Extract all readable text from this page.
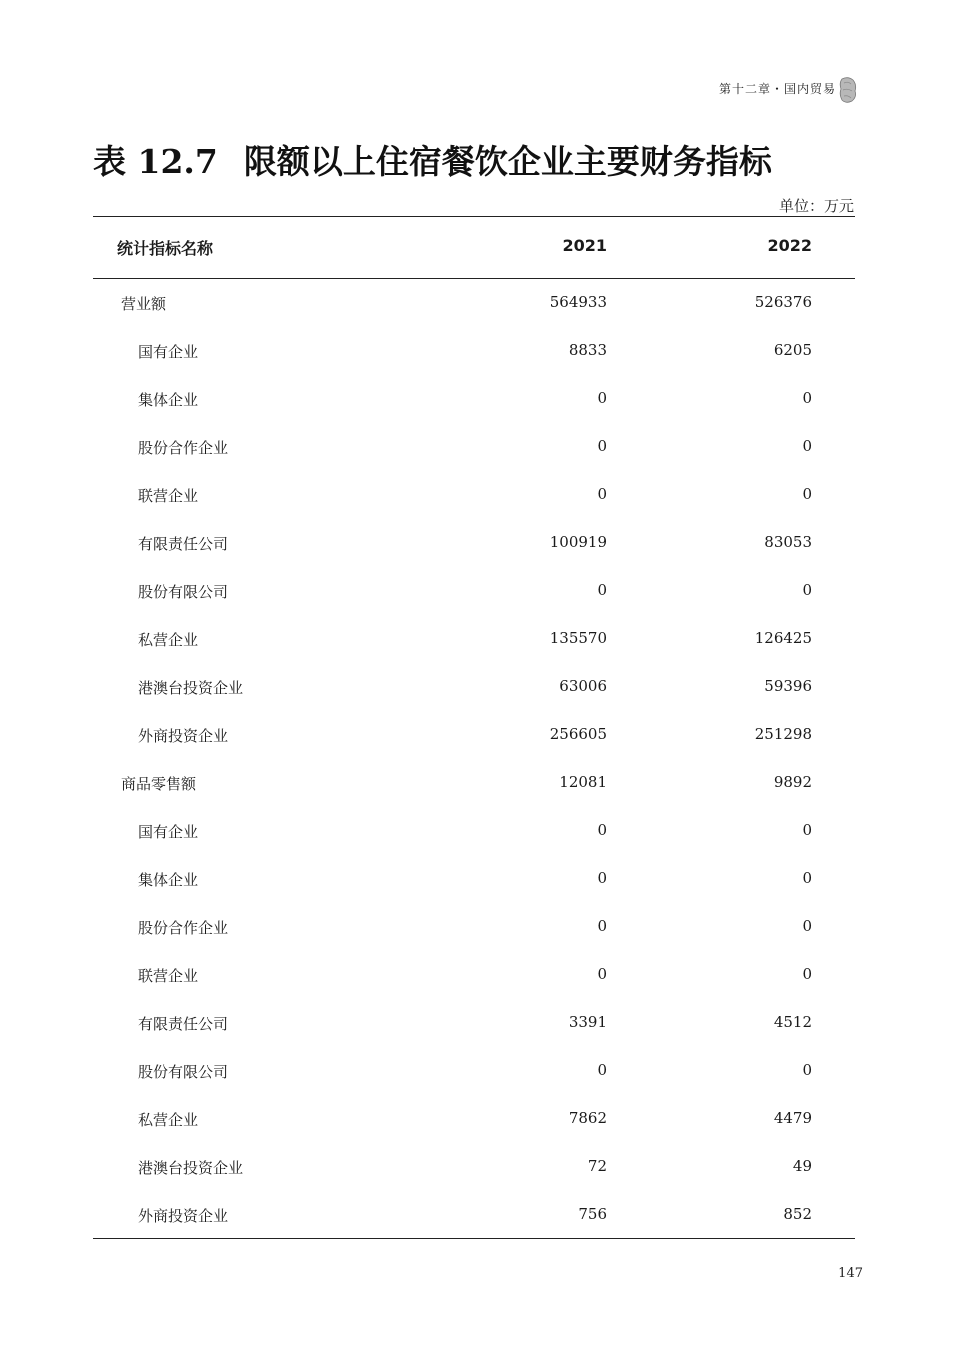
第十二章・国内贸易
表 12.7 限额以上住宿餐饮企业主要财务指标
单位：万元
统计指标名称	2021	2022
营业额	564933	526376
国有企业	8833	6205
集体企业	0	0
股份合作企业	0	0
联营企业	0	0
有限责任公司	100919	83053
股份有限公司	0	0
私营企业	135570	126425
港澳台投资企业	63006	59396
外商投资企业	256605	251298
商品零售额	12081	9892
国有企业	0	0
集体企业	0	0
股份合作企业	0	0
联营企业	0	0
有限责任公司	3391	4512
股份有限公司	0	0
私营企业	7862	4479
港澳台投资企业	72	49
外商投资企业	756	852
147
